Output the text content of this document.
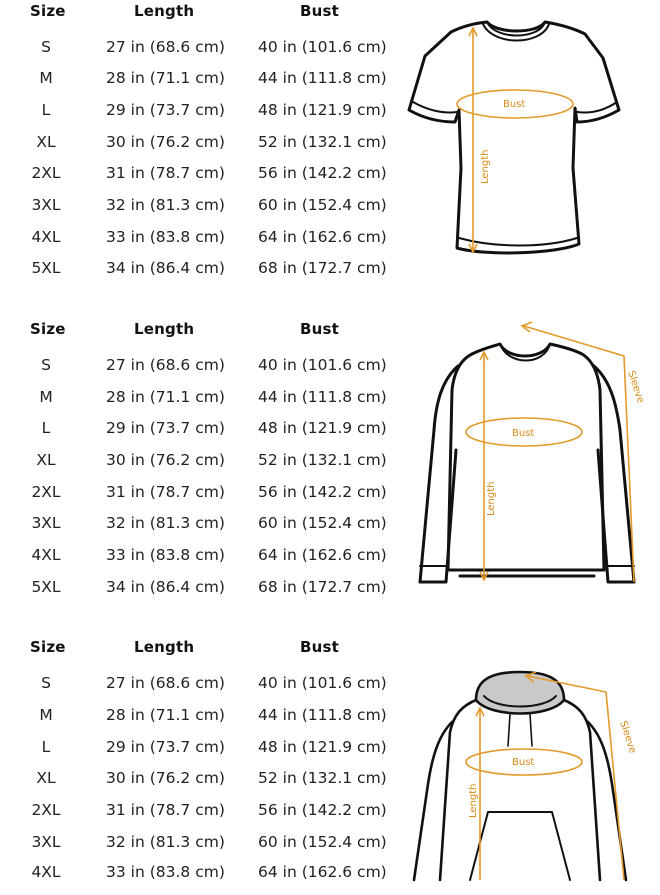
Size	Length	Bust
S	27 in (68.6 cm) 40 in (101.6 cm)
M	28 in (71.1 cm) 44 in (111.8 cm)
L	29 in (73.7 cm) 48 in (121.9 cm)
XL	30 in (76.2 cm) 52 in (132.1 cm)
2XL	31 in (78.7 cm) 56 in (142.2 cm)
3XL	32 in (81.3 cm) 60 in (152.4 cm)
4XL	33 in (83.8 cm) 64 in (162.6 cm)
5XL	34 in (86.4 cm) 68 in (172.7 cm)
Bust
Length
Size	Length	Bust
S	27 in (68.6 cm) 40 in (101.6 cm)
M	28 in (71.1 cm) 44 in (111.8 cm)
L	29 in (73.7 cm) 48 in (121.9 cm)
XL	30 in (76.2 cm) 52 in (132.1 cm)
2XL	31 in (78.7 cm) 56 in (142.2 cm)
3XL	32 in (81.3 cm) 60 in (152.4 cm)
4XL	33 in (83.8 cm) 64 in (162.6 cm)
5XL	34 in (86.4 cm) 68 in (172.7 cm)
Bust
Length
Sleeve
Size	Length	Bust
S	27 in (68.6 cm) 40 in (101.6 cm)
M	28 in (71.1 cm) 44 in (111.8 cm)
L	29 in (73.7 cm) 48 in (121.9 cm)
XL	30 in (76.2 cm) 52 in (132.1 cm)
2XL	31 in (78.7 cm) 56 in (142.2 cm)
3XL	32 in (81.3 cm) 60 in (152.4 cm)
4XL	33 in (83.8 cm) 64 in (162.6 cm)
Bust
Length
Sleeve
